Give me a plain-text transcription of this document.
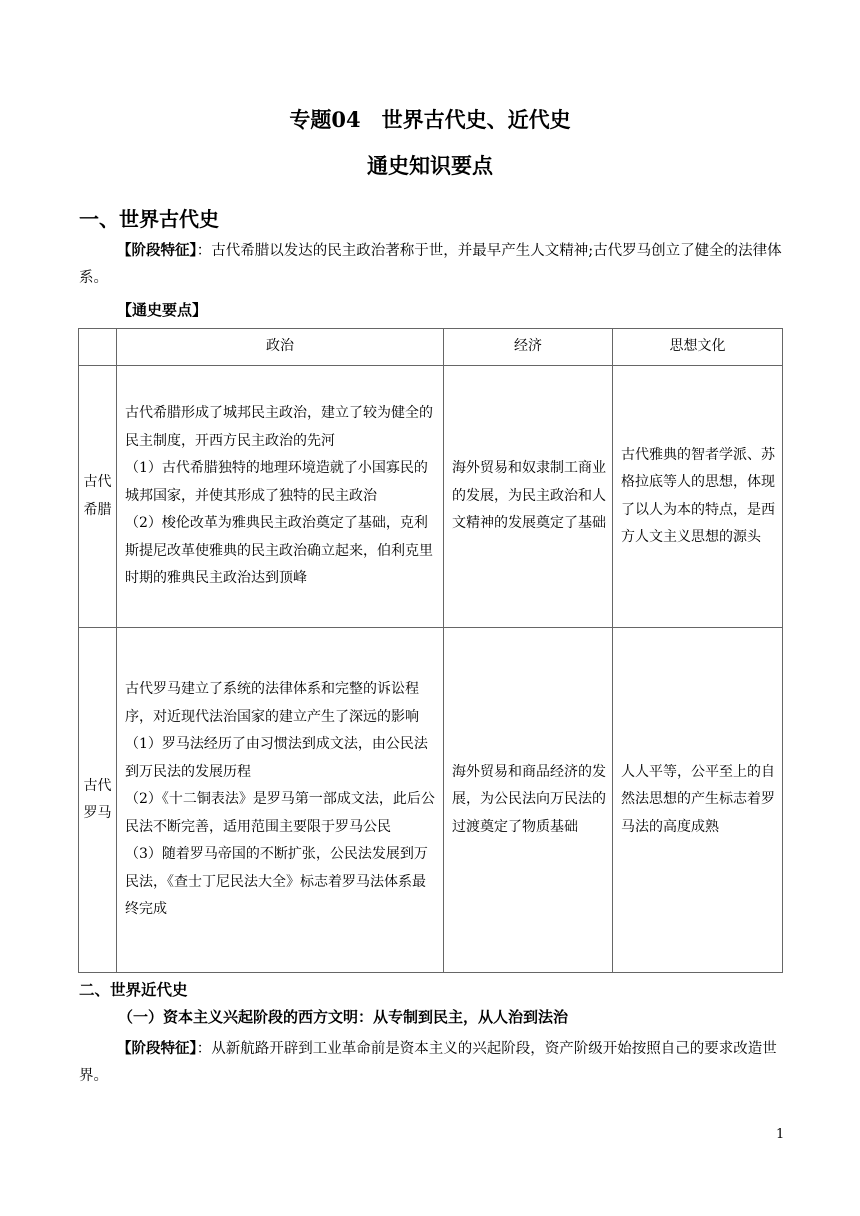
专题04　世界古代史、近代史
通史知识要点
一、世界古代史
【阶段特征】：古代希腊以发达的民主政治著称于世，并最早产生人文精神;古代罗马创立了健全的法律体系。
【通史要点】
	政治	经济	思想文化
古代希腊	古代希腊形成了城邦民主政治，建立了较为健全的民主制度，开西方民主政治的先河
（1）古代希腊独特的地理环境造就了小国寡民的城邦国家，并使其形成了独特的民主政治
（2）梭伦改革为雅典民主政治奠定了基础，克利斯提尼改革使雅典的民主政治确立起来，伯利克里时期的雅典民主政治达到顶峰	海外贸易和奴隶制工商业的发展，为民主政治和人文精神的发展奠定了基础	古代雅典的智者学派、苏格拉底等人的思想，体现了以人为本的特点，是西方人文主义思想的源头
古代罗马	古代罗马建立了系统的法律体系和完整的诉讼程序，对近现代法治国家的建立产生了深远的影响
（1）罗马法经历了由习惯法到成文法，由公民法到万民法的发展历程
（2）《十二铜表法》是罗马第一部成文法，此后公民法不断完善，适用范围主要限于罗马公民
（3）随着罗马帝国的不断扩张，公民法发展到万民法，《查士丁尼民法大全》标志着罗马法体系最终完成	海外贸易和商品经济的发展，为公民法向万民法的过渡奠定了物质基础	人人平等，公平至上的自然法思想的产生标志着罗马法的高度成熟
二、世界近代史
（一）资本主义兴起阶段的西方文明：从专制到民主，从人治到法治
【阶段特征】：从新航路开辟到工业革命前是资本主义的兴起阶段，资产阶级开始按照自己的要求改造世界。
1
